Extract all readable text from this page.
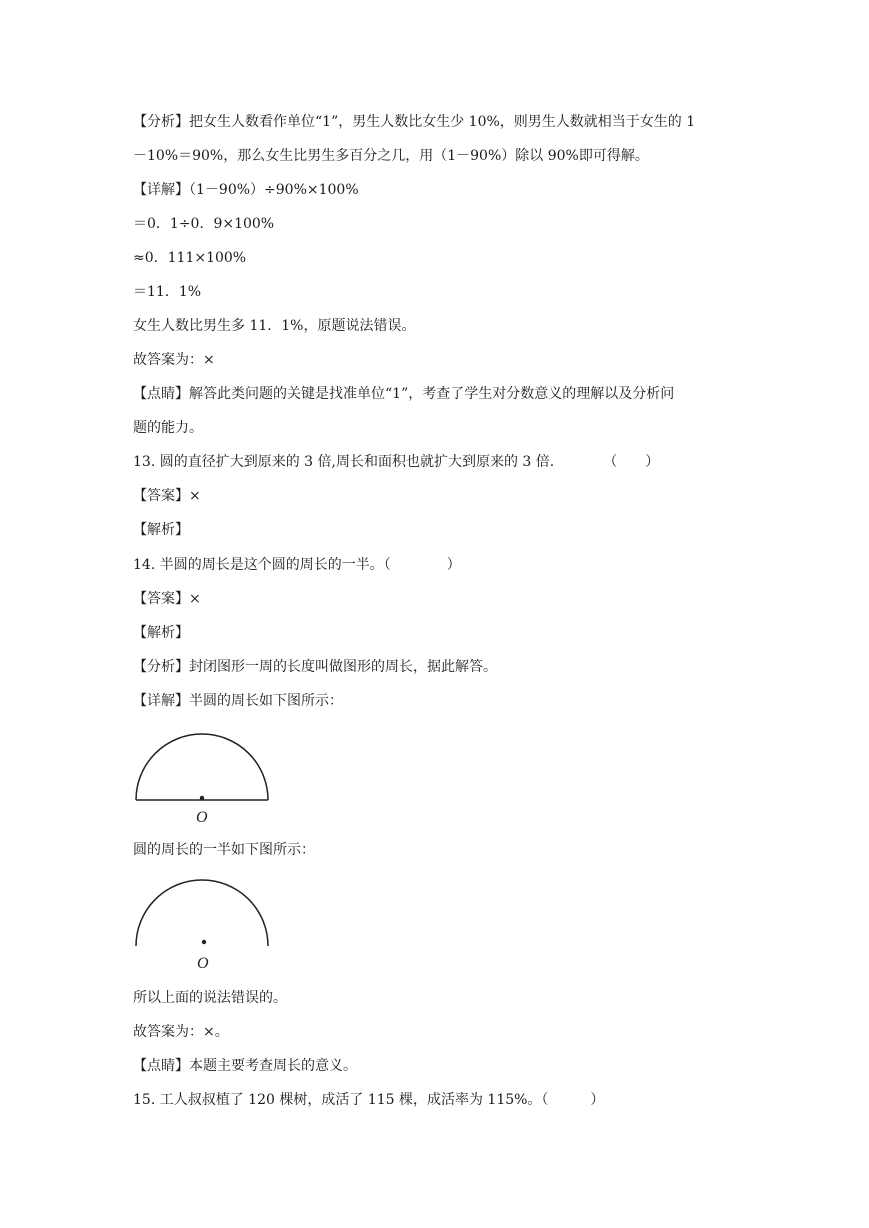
【分析】把女生人数看作单位“1”，男生人数比女生少 10%，则男生人数就相当于女生的 1
－10%＝90%，那么女生比男生多百分之几，用（1－90%）除以 90%即可得解。
【详解】（1－90%）÷90%×100%
＝0．1÷0．9×100%
≈0．111×100%
＝11．1%
女生人数比男生多 11．1%，原题说法错误。
故答案为：×
【点睛】解答此类问题的关键是找准单位“1”，考查了学生对分数意义的理解以及分析问
题的能力。
13. 圆的直径扩大到原来的 3 倍,周长和面积也就扩大到原来的 3 倍.　　　　（　　）
【答案】×
【解析】
14. 半圆的周长是这个圆的周长的一半。（　　　　）
【答案】×
【解析】
【分析】封闭图形一周的长度叫做图形的周长，据此解答。
【详解】半圆的周长如下图所示：
O
圆的周长的一半如下图所示：
O
所以上面的说法错误的。
故答案为：×。
【点睛】本题主要考查周长的意义。
15. 工人叔叔植了 120 棵树，成活了 115 棵，成活率为 115%。（　　　）
